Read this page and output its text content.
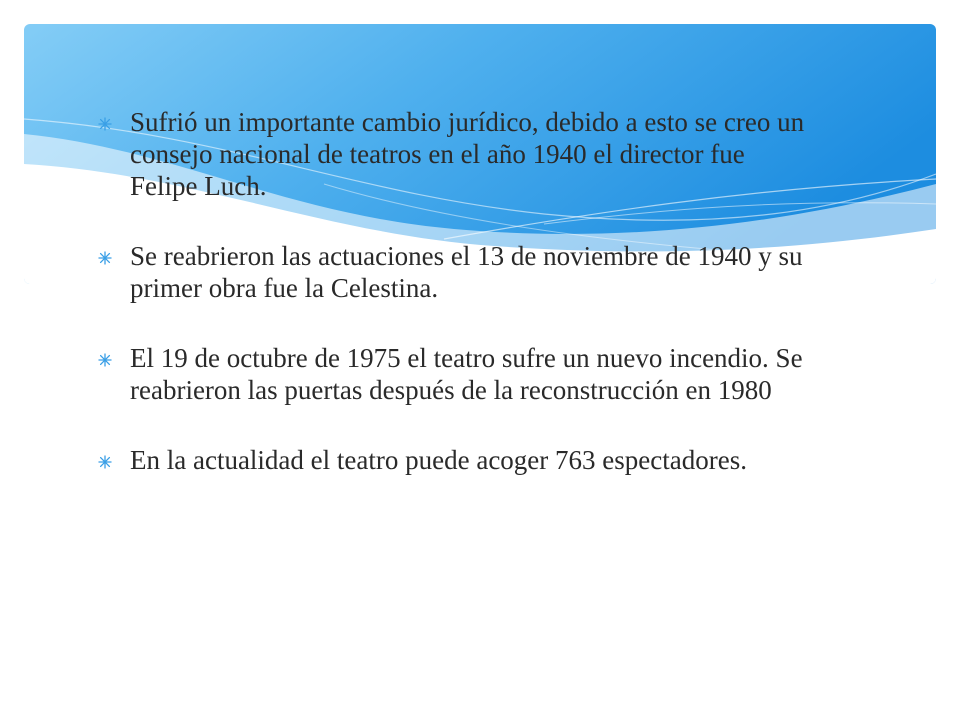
Sufrió un importante cambio jurídico, debido a esto se creo un consejo nacional de teatros en el año 1940 el director fue Felipe Luch.
Se reabrieron las actuaciones el 13 de noviembre de 1940 y su primer obra fue la Celestina.
El 19 de octubre de 1975 el teatro sufre un nuevo incendio. Se reabrieron las puertas después de la reconstrucción en 1980
En la actualidad el teatro puede acoger 763 espectadores.
